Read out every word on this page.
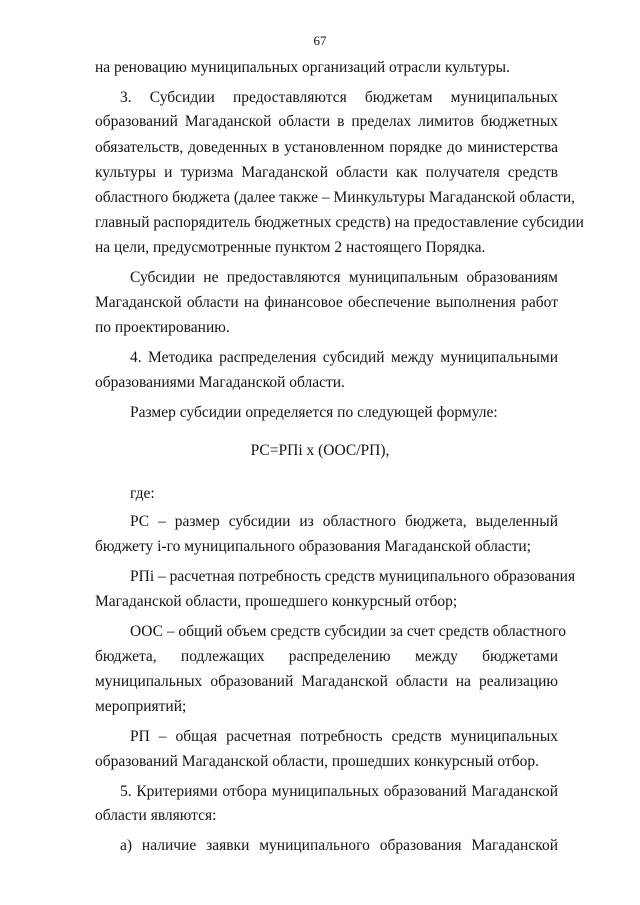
67
на реновацию муниципальных организаций отрасли культуры.
3. Субсидии предоставляются бюджетам муниципальных
образований Магаданской области в пределах лимитов бюджетных
обязательств, доведенных в установленном порядке до министерства
культуры и туризма Магаданской области как получателя средств
областного бюджета (далее также – Минкультуры Магаданской области,
главный распорядитель бюджетных средств) на предоставление субсидии
на цели, предусмотренные пунктом 2 настоящего Порядка.
Субсидии не предоставляются муниципальным образованиям
Магаданской области на финансовое обеспечение выполнения работ
по проектированию.
4. Методика распределения субсидий между муниципальными
образованиями Магаданской области.
Размер субсидии определяется по следующей формуле:
РС=РПi х (ООС/РП),
где:
РС – размер субсидии из областного бюджета, выделенный
бюджету i-го муниципального образования Магаданской области;
РПi – расчетная потребность средств муниципального образования
Магаданской области, прошедшего конкурсный отбор;
ООС – общий объем средств субсидии за счет средств областного
бюджета, подлежащих распределению между бюджетами
муниципальных образований Магаданской области на реализацию
мероприятий;
РП – общая расчетная потребность средств муниципальных
образований Магаданской области, прошедших конкурсный отбор.
5. Критериями отбора муниципальных образований Магаданской
области являются:
а) наличие заявки муниципального образования Магаданской
